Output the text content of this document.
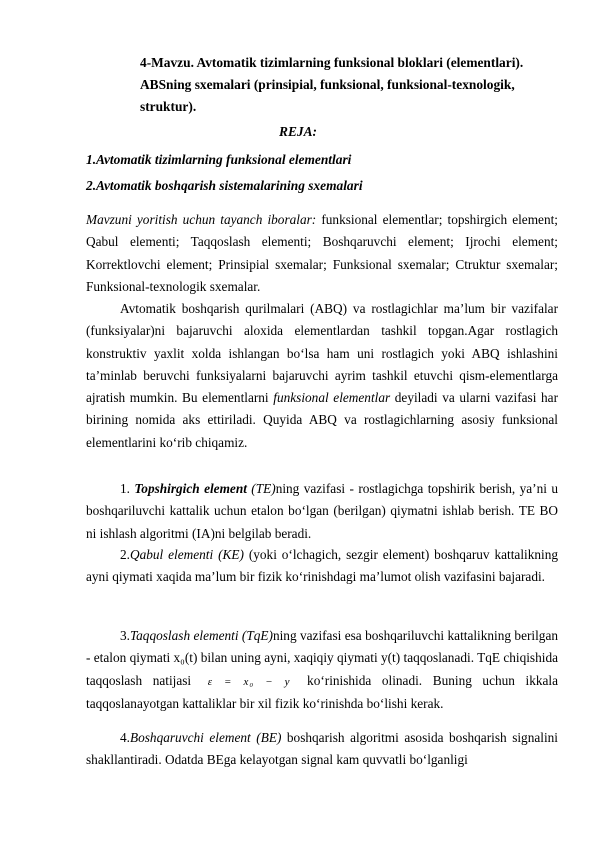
4-Mavzu. Avtomatik tizimlarning funksional bloklari (elementlari).
ABSning sxemalari (prinsipial, funksional, funksional-texnologik,
struktur).
REJA:
1.Avtomatik tizimlarning funksional elementlari
2.Avtomatik boshqarish sistemalarining sxemalari
Mavzuni yoritish uchun tayanch iboralar: funksional elementlar; topshirgich element; Qabul elementi; Taqqoslash elementi; Boshqaruvchi element; Ijrochi element; Korrektlovchi element; Prinsipial sxemalar; Funksional sxemalar; Ctruktur sxemalar; Funksional-texnologik sxemalar.
Avtomatik boshqarish qurilmalari (ABQ) va rostlagichlar ma’lum bir vazifalar (funksiyalar)ni bajaruvchi aloxida elementlardan tashkil topgan.Agar rostlagich konstruktiv yaxlit xolda ishlangan bo‘lsa ham uni rostlagich yoki ABQ ishlashini ta’minlab beruvchi funksiyalarni bajaruvchi ayrim tashkil etuvchi qism-elementlarga ajratish mumkin. Bu elementlarni funksional elementlar deyiladi va ularni vazifasi har birining nomida aks ettiriladi. Quyida ABQ va rostlagichlarning asosiy funksional elementlarini ko‘rib chiqamiz.
1. Topshirgich element (TE)ning vazifasi - rostlagichga topshirik berish, ya’ni u boshqariluvchi kattalik uchun etalon bo‘lgan (berilgan) qiymatni ishlab berish. TE BO ni ishlash algoritmi (IA)ni belgilab beradi.
2.Qabul elementi (KE) (yoki o‘lchagich, sezgir element) boshqaruv kattalikning ayni qiymati xaqida ma’lum bir fizik ko‘rinishdagi ma’lumot olish vazifasini bajaradi.
3.Taqqoslash elementi (TqE)ning vazifasi esa boshqariluvchi kattalikning berilgan - etalon qiymati x₀(t) bilan uning ayni, xaqiqiy qiymati y(t) taqqoslanadi. TqE chiqishida taqqoslash natijasi ε = x₀ − y ko‘rinishida olinadi. Buning uchun ikkala taqqoslanayotgan kattaliklar bir xil fizik ko‘rinishda bo‘lishi kerak.
4.Boshqaruvchi element (BE) boshqarish algoritmi asosida boshqarish signalini shakllantiradi. Odatda BEga kelayotgan signal kam quvvatli bo‘lganligi
